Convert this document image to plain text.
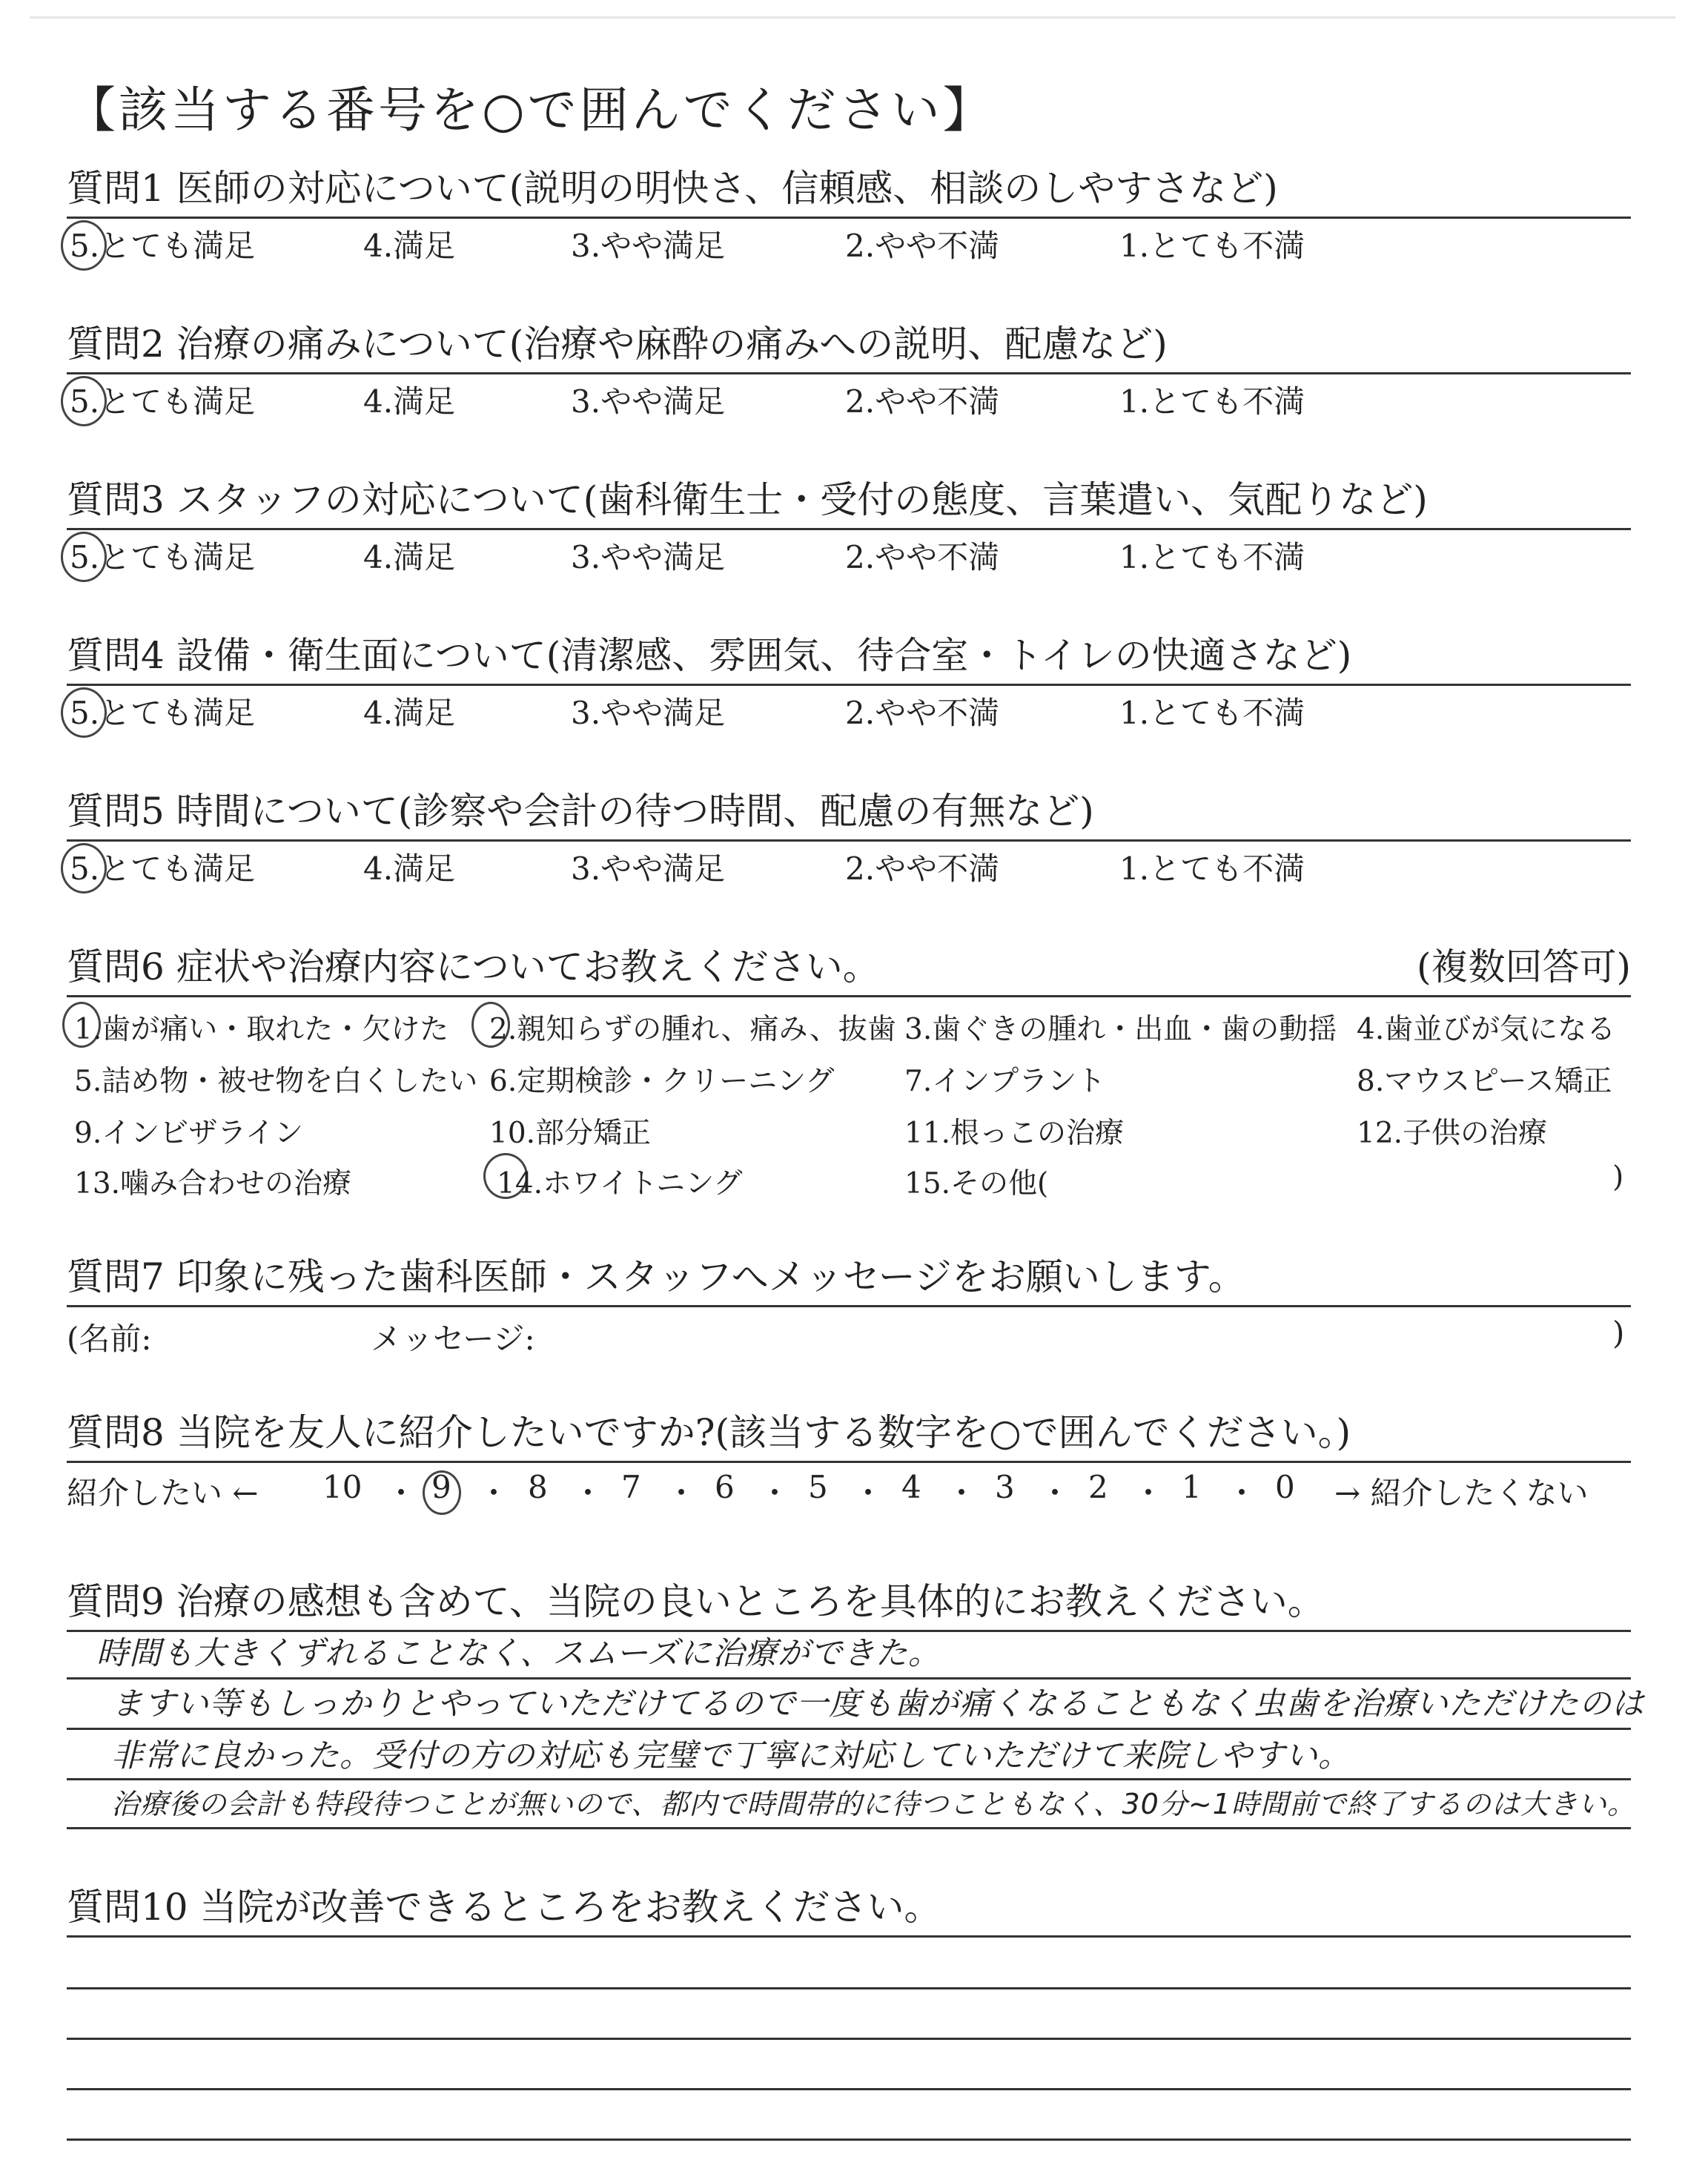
【該当する番号を○で囲んでください】
質問1 医師の対応について(説明の明快さ、信頼感、相談のしやすさなど)
5.とても満足	4.満足	3.やや満足	2.やや不満	1.とても不満
質問2 治療の痛みについて(治療や麻酔の痛みへの説明、配慮など)
5.とても満足	4.満足	3.やや満足	2.やや不満	1.とても不満
質問3 スタッフの対応について(歯科衛生士・受付の態度、言葉遣い、気配りなど)
5.とても満足	4.満足	3.やや満足	2.やや不満	1.とても不満
質問4 設備・衛生面について(清潔感、雰囲気、待合室・トイレの快適さなど)
5.とても満足	4.満足	3.やや満足	2.やや不満	1.とても不満
質問5 時間について(診察や会計の待つ時間、配慮の有無など)
5.とても満足	4.満足	3.やや満足	2.やや不満	1.とても不満
質問6 症状や治療内容についてお教えください。	(複数回答可)
1.歯が痛い・取れた・欠けた 2.親知らずの腫れ、痛み、抜歯 3.歯ぐきの腫れ・出血・歯の動揺 4.歯並びが気になる
5.詰め物・被せ物を白くしたい 6.定期検診・クリーニング 7.インプラント	8.マウスピース矯正
9.インビザライン	10.部分矯正	11.根っこの治療	12.子供の治療
13.噛み合わせの治療	14.ホワイトニング	15.その他(	)
質問7 印象に残った歯科医師・スタッフへメッセージをお願いします。
(名前:	メッセージ:	)
質問8 当院を友人に紹介したいですか?(該当する数字を○で囲んでください。)
紹介したい ← 10 ・ 9 ・ 8 ・ 7 ・ 6 ・ 5 ・ 4 ・ 3 ・ 2 ・ 1 ・ 0 → 紹介したくない
質問9 治療の感想も含めて、当院の良いところを具体的にお教えください。
時間も大きくずれることなく、スムーズに治療ができた。
ますい等もしっかりとやっていただけてるので一度も歯が痛くなることもなく虫歯を治療いただけたのは
非常に良かった。受付の方の対応も完璧で丁寧に対応していただけて来院しやすい。
治療後の会計も特段待つことが無いので、都内で時間帯的に待つこともなく、30分~1時間前で終了するのは大きい。
質問10 当院が改善できるところをお教えください。
